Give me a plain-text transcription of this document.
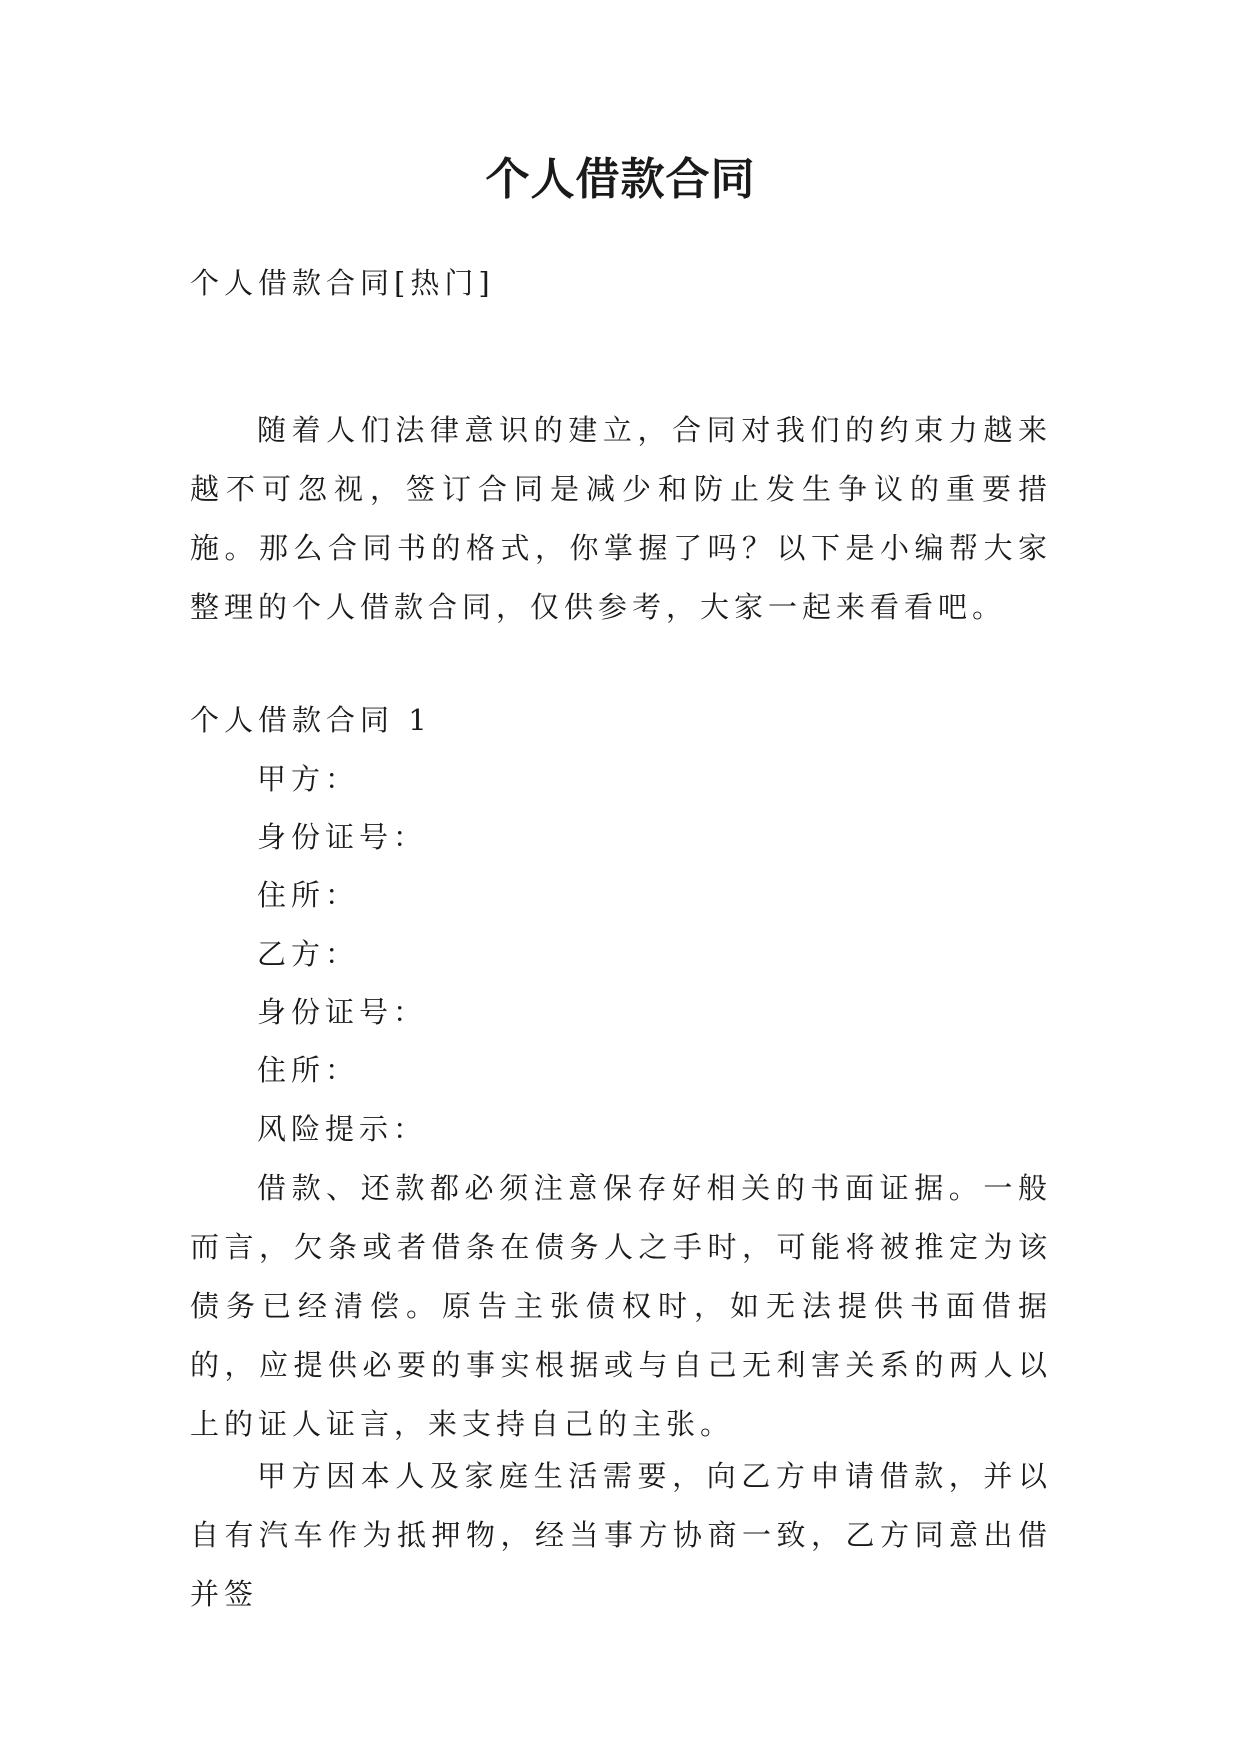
个人借款合同

个人借款合同[热门]

随着人们法律意识的建立，合同对我们的约束力越来越不可忽视，签订合同是减少和防止发生争议的重要措施。那么合同书的格式，你掌握了吗？以下是小编帮大家整理的个人借款合同，仅供参考，大家一起来看看吧。

个人借款合同 1

甲方：

身份证号：

住所：

乙方：

身份证号：

住所：

风险提示：

借款、还款都必须注意保存好相关的书面证据。一般而言，欠条或者借条在债务人之手时，可能将被推定为该债务已经清偿。原告主张债权时，如无法提供书面借据的，应提供必要的事实根据或与自己无利害关系的两人以上的证人证言，来支持自己的主张。

甲方因本人及家庭生活需要，向乙方申请借款，并以自有汽车作为抵押物，经当事方协商一致，乙方同意出借并签
